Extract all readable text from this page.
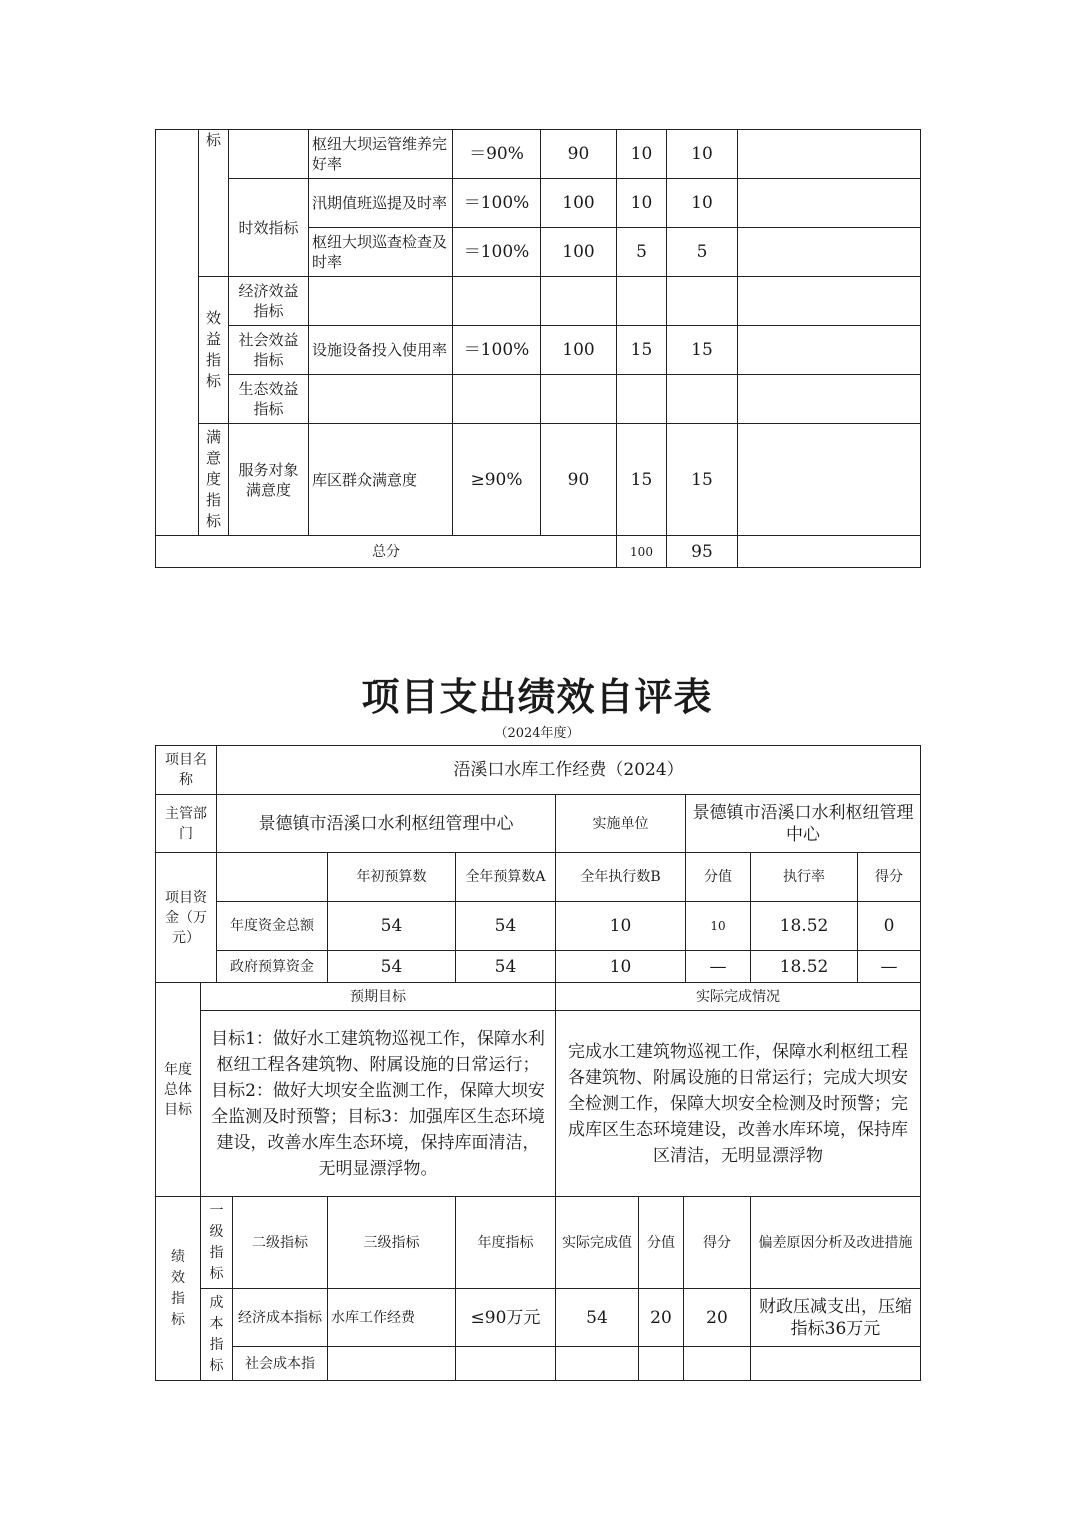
	标		枢纽大坝运管维养完好率	＝90%	90	10	10	
		时效指标	汛期值班巡提及时率	＝100%	100	10	10	
			枢纽大坝巡查检查及时率	＝100%	100	5	5	
	效益指标	经济效益指标						
		社会效益指标	设施设备投入使用率	＝100%	100	15	15	
		生态效益指标						
	满意度指标	服务对象满意度	库区群众满意度	≥90%	90	15	15	
总分						100	95	
项目支出绩效自评表
（2024年度）
项目名称	浯溪口水库工作经费（2024）						
主管部门	景德镇市浯溪口水利枢纽管理中心			实施单位	景德镇市浯溪口水利枢纽管理中心		
项目资金（万元）		年初预算数	全年预算数A	全年执行数B	分值	执行率	得分
	年度资金总额	54	54	10	10	18.52	0
	政府预算资金	54	54	10	—	18.52	—
年度总体目标	预期目标	实际完成情况
	目标1：做好水工建筑物巡视工作，保障水利枢纽工程各建筑物、附属设施的日常运行；目标2：做好大坝安全监测工作，保障大坝安全监测及时预警；目标3：加强库区生态环境建设，改善水库生态环境，保持库面清洁，无明显漂浮物。	完成水工建筑物巡视工作，保障水利枢纽工程各建筑物、附属设施的日常运行；完成大坝安全检测工作，保障大坝安全检测及时预警；完成库区生态环境建设，改善水库环境，保持库区清洁，无明显漂浮物
绩效指标	一级指标	二级指标	三级指标	年度指标	实际完成值	分值	得分	偏差原因分析及改进措施
	成本指标	经济成本指标	水库工作经费	≤90万元	54	20	20	财政压减支出，压缩指标36万元
		社会成本指						
